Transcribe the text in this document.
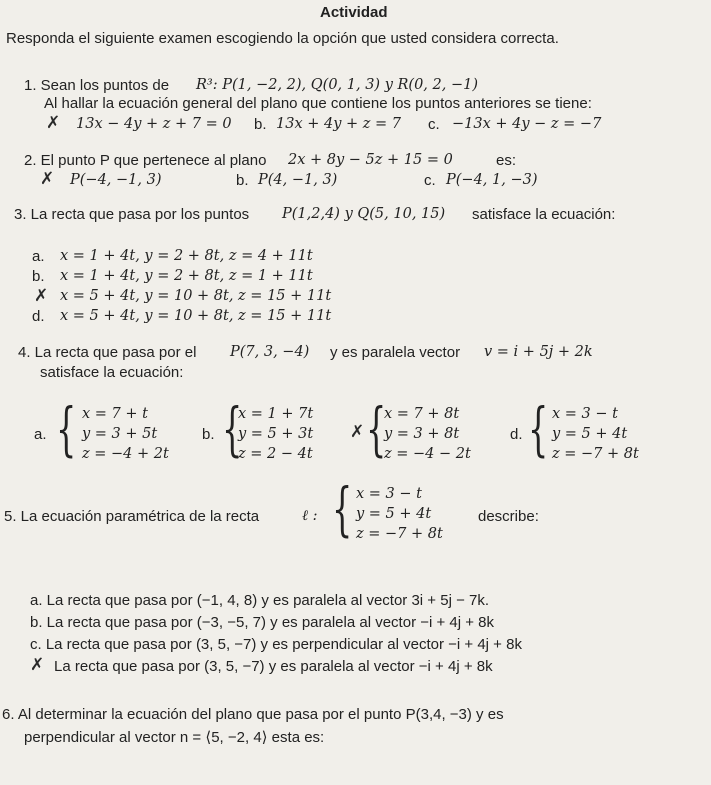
Actividad
Responda el siguiente examen escogiendo la opción que usted considera correcta.
1. Sean los puntos de R³: P(1, −2, 2), Q(0, 1, 3) y R(0, 2, −1)
Al hallar la ecuación general del plano que contiene los puntos anteriores se tiene:
✗ 13x − 4y + z + 7 = 0 b. 13x + 4y + z = 7 c. −13x + 4y − z = −7
2. El punto P que pertenece al plano 2x + 8y − 5z + 15 = 0	es:
✗ P(−4, −1, 3)	b. P(4, −1, 3)	c. P(−4, 1, −3)
3. La recta que pasa por los puntos P(1,2,4) y Q(5, 10, 15) satisface la ecuación:
a. x = 1 + 4t, y = 2 + 8t, z = 4 + 11t
b. x = 1 + 4t, y = 2 + 8t, z = 1 + 11t
✗ x = 5 + 4t, y = 10 + 8t, z = 15 + 11t
d. x = 5 + 4t, y = 10 + 8t, z = 15 + 11t
4. La recta que pasa por el P(7, 3, −4) y es paralela vector v = i + 5j + 2k
satisface la ecuación:
a. { x = 7 + t
y = 3 + 5t
z = −4 + 2t
b. {
x = 1 + 7t
y = 5 + 3t
z = 2 − 4t
✗ {
x = 7 + 8t
y = 3 + 8t
z = −4 − 2t
d. { x = 3 − t
y = 5 + 4t
z = −7 + 8t
5. La ecuación paramétrica de la recta	ℓ : { x = 3 − t
y = 5 + 4t
z = −7 + 8t
describe:
a. La recta que pasa por (−1, 4, 8) y es paralela al vector 3i + 5j − 7k.
b. La recta que pasa por (−3, −5, 7) y es paralela al vector −i + 4j + 8k
c. La recta que pasa por (3, 5, −7) y es perpendicular al vector −i + 4j + 8k
✗ La recta que pasa por (3, 5, −7) y es paralela al vector −i + 4j + 8k
6. Al determinar la ecuación del plano que pasa por el punto P(3,4, −3) y es
perpendicular al vector n = ⟨5, −2, 4⟩ esta es:
